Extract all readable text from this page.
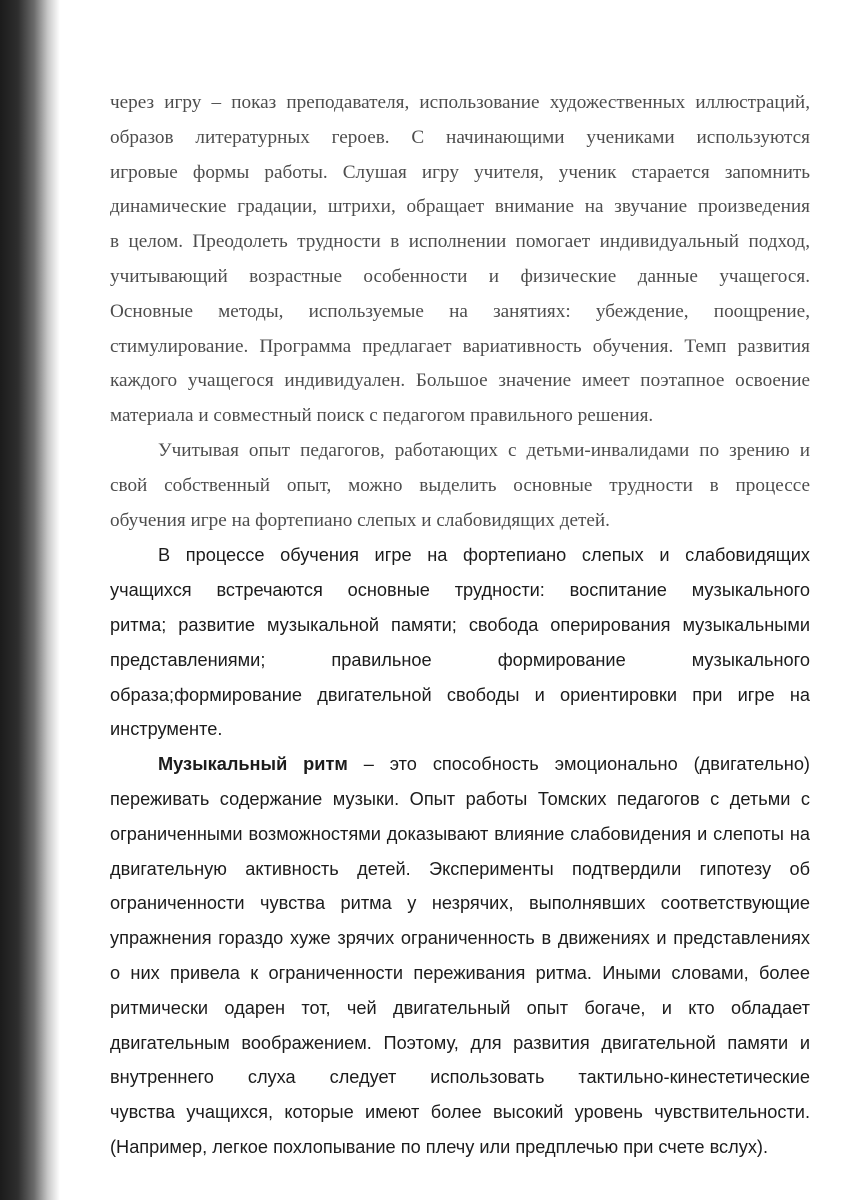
через игру – показ преподавателя, использование художественных иллюстраций,
образов литературных героев. С начинающими учениками используются
игровые формы работы. Слушая игру учителя, ученик старается запомнить
динамические градации, штрихи, обращает внимание на звучание произведения
в целом. Преодолеть трудности в исполнении помогает индивидуальный подход,
учитывающий возрастные особенности и физические данные учащегося.
Основные методы, используемые на занятиях: убеждение, поощрение,
стимулирование. Программа предлагает вариативность обучения. Темп развития
каждого учащегося индивидуален. Большое значение имеет поэтапное освоение
материала и совместный поиск с педагогом правильного решения.
Учитывая опыт педагогов, работающих с детьми-инвалидами по зрению и
свой собственный опыт, можно выделить основные трудности в процессе
обучения игре на фортепиано слепых и слабовидящих детей.
В процессе обучения игре на фортепиано слепых и слабовидящих
учащихся встречаются основные трудности: воспитание музыкального
ритма; развитие музыкальной памяти; свобода оперирования музыкальными
представлениями; правильное формирование музыкального
образа;формирование двигательной свободы и ориентировки при игре на
инструменте.
Музыкальный ритм – это способность эмоционально (двигательно)
переживать содержание музыки. Опыт работы Томских педагогов с детьми с
ограниченными возможностями доказывают влияние слабовидения и слепоты на
двигательную активность детей. Эксперименты подтвердили гипотезу об
ограниченности чувства ритма у незрячих, выполнявших соответствующие
упражнения гораздо хуже зрячих ограниченность в движениях и представлениях
о них привела к ограниченности переживания ритма. Иными словами, более
ритмически одарен тот, чей двигательный опыт богаче, и кто обладает
двигательным воображением. Поэтому, для развития двигательной памяти и
внутреннего слуха следует использовать тактильно-кинестетические
чувства учащихся, которые имеют более высокий уровень чувствительности.
(Например, легкое похлопывание по плечу или предплечью при счете вслух).
